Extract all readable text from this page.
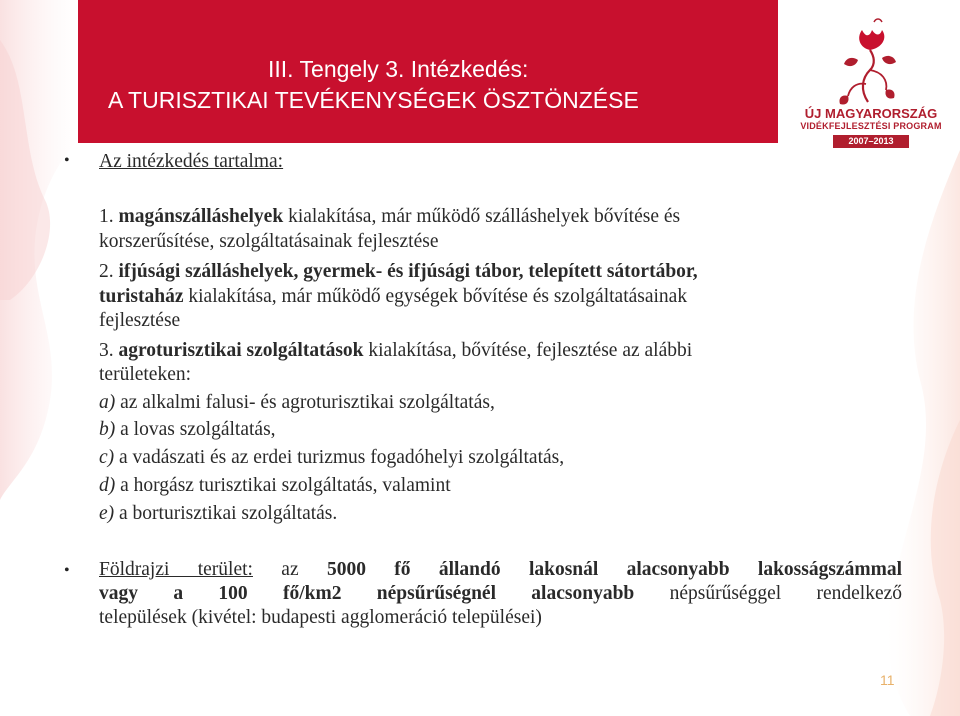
III. Tengely 3. Intézkedés:
A TURISZTIKAI TEVÉKENYSÉGEK ÖSZTÖNZÉSE
ÚJ MAGYARORSZÁG
VIDÉKFEJLESZTÉSI PROGRAM
2007–2013
• Az intézkedés tartalma:
1. magánszálláshelyek kialakítása, már működő szálláshelyek bővítése és
korszerűsítése, szolgáltatásainak fejlesztése
2. ifjúsági szálláshelyek, gyermek- és ifjúsági tábor, telepített sátortábor,
turistaház kialakítása, már működő egységek bővítése és szolgáltatásainak
fejlesztése
3. agroturisztikai szolgáltatások kialakítása, bővítése, fejlesztése az alábbi
területeken:
a) az alkalmi falusi- és agroturisztikai szolgáltatás,
b) a lovas szolgáltatás,
c) a vadászati és az erdei turizmus fogadóhelyi szolgáltatás,
d) a horgász turisztikai szolgáltatás, valamint
e) a borturisztikai szolgáltatás.
• Földrajzi terület: az 5000 fő állandó lakosnál alacsonyabb lakosságszámmal
vagy a 100 fő/km2 népsűrűségnél alacsonyabb népsűrűséggel rendelkező
települések (kivétel: budapesti agglomeráció települései)
11
